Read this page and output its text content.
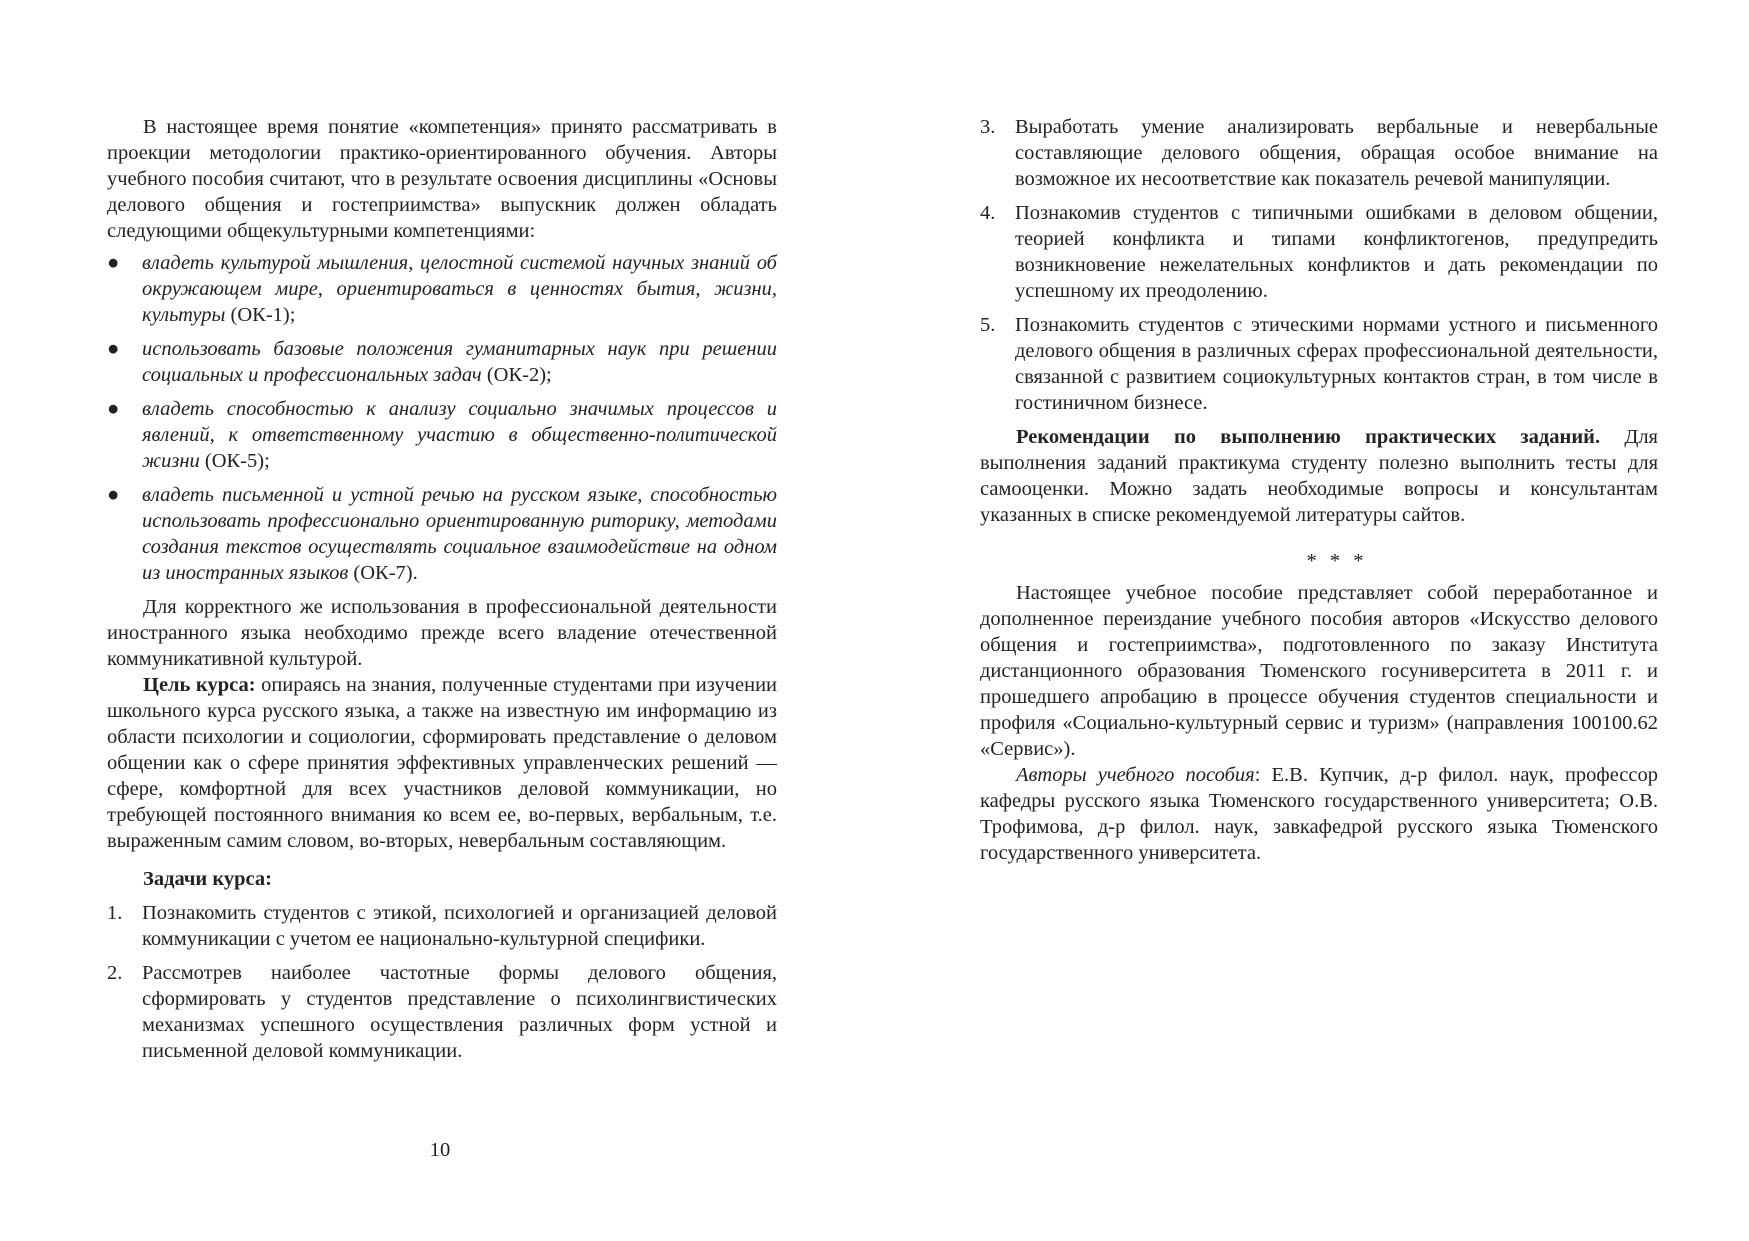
В настоящее время понятие «компетенция» принято рассматривать в проекции методологии практико-ориентированного обучения. Авторы учебного пособия считают, что в результате освоения дисциплины «Основы делового общения и гостеприимства» выпускник должен обладать следующими общекультурными компетенциями:

● владеть культурой мышления, целостной системой научных знаний об окружающем мире, ориентироваться в ценностях бытия, жизни, культуры (ОК-1);
● использовать базовые положения гуманитарных наук при решении социальных и профессиональных задач (ОК-2);
● владеть способностью к анализу социально значимых процессов и явлений, к ответственному участию в общественно-политической жизни (ОК-5);
● владеть письменной и устной речью на русском языке, способностью использовать профессионально ориентированную риторику, методами создания текстов осуществлять социальное взаимодействие на одном из иностранных языков (ОК-7).

Для корректного же использования в профессиональной деятельности иностранного языка необходимо прежде всего владение отечественной коммуникативной культурой.

Цель курса: опираясь на знания, полученные студентами при изучении школьного курса русского языка, а также на известную им информацию из области психологии и социологии, сформировать представление о деловом общении как о сфере принятия эффективных управленческих решений — сфере, комфортной для всех участников деловой коммуникации, но требующей постоянного внимания ко всем ее, во-первых, вербальным, т.е. выраженным самим словом, во-вторых, невербальным составляющим.

Задачи курса:
1. Познакомить студентов с этикой, психологией и организацией деловой коммуникации с учетом ее национально-культурной специфики.
2. Рассмотрев наиболее частотные формы делового общения, сформировать у студентов представление о психолингвистических механизмах успешного осуществления различных форм устной и письменной деловой коммуникации.
10
3. Выработать умение анализировать вербальные и невербальные составляющие делового общения, обращая особое внимание на возможное их несоответствие как показатель речевой манипуляции.
4. Познакомив студентов с типичными ошибками в деловом общении, теорией конфликта и типами конфликтогенов, предупредить возникновение нежелательных конфликтов и дать рекомендации по успешному их преодолению.
5. Познакомить студентов с этическими нормами устного и письменного делового общения в различных сферах профессиональной деятельности, связанной с развитием социокультурных контактов стран, в том числе в гостиничном бизнесе.

Рекомендации по выполнению практических заданий. Для выполнения заданий практикума студенту полезно выполнить тесты для самооценки. Можно задать необходимые вопросы и консультантам указанных в списке рекомендуемой литературы сайтов.

* * *

Настоящее учебное пособие представляет собой переработанное и дополненное переиздание учебного пособия авторов «Искусство делового общения и гостеприимства», подготовленного по заказу Института дистанционного образования Тюменского госуниверситета в 2011 г. и прошедшего апробацию в процессе обучения студентов специальности и профиля «Социально-культурный сервис и туризм» (направления 100100.62 «Сервис»).

Авторы учебного пособия: Е.В. Купчик, д-р филол. наук, профессор кафедры русского языка Тюменского государственного университета; О.В. Трофимова, д-р филол. наук, завкафедрой русского языка Тюменского государственного университета.
